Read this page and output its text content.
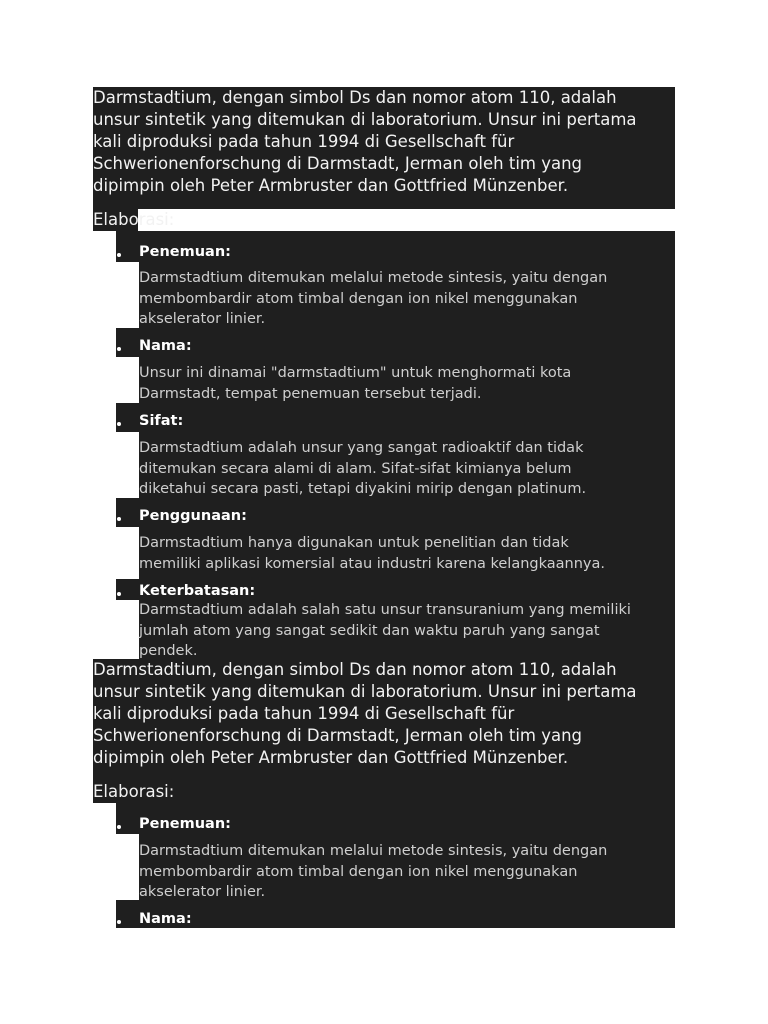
Darmstadtium, dengan simbol Ds dan nomor atom 110, adalah
unsur sintetik yang ditemukan di laboratorium. Unsur ini pertama
kali diproduksi pada tahun 1994 di Gesellschaft für
Schwerionenforschung di Darmstadt, Jerman oleh tim yang
dipimpin oleh Peter Armbruster dan Gottfried Münzenber.
Elaborasi:
Penemuan:
Darmstadtium ditemukan melalui metode sintesis, yaitu dengan
membombardir atom timbal dengan ion nikel menggunakan
akselerator linier.
Nama:
Unsur ini dinamai "darmstadtium" untuk menghormati kota
Darmstadt, tempat penemuan tersebut terjadi.
Sifat:
Darmstadtium adalah unsur yang sangat radioaktif dan tidak
ditemukan secara alami di alam. Sifat-sifat kimianya belum
diketahui secara pasti, tetapi diyakini mirip dengan platinum.
Penggunaan:
Darmstadtium hanya digunakan untuk penelitian dan tidak
memiliki aplikasi komersial atau industri karena kelangkaannya.
Keterbatasan:
Darmstadtium adalah salah satu unsur transuranium yang memiliki
jumlah atom yang sangat sedikit dan waktu paruh yang sangat
pendek.
Darmstadtium, dengan simbol Ds dan nomor atom 110, adalah
unsur sintetik yang ditemukan di laboratorium. Unsur ini pertama
kali diproduksi pada tahun 1994 di Gesellschaft für
Schwerionenforschung di Darmstadt, Jerman oleh tim yang
dipimpin oleh Peter Armbruster dan Gottfried Münzenber.
Elaborasi:
Penemuan:
Darmstadtium ditemukan melalui metode sintesis, yaitu dengan
membombardir atom timbal dengan ion nikel menggunakan
akselerator linier.
Nama:
